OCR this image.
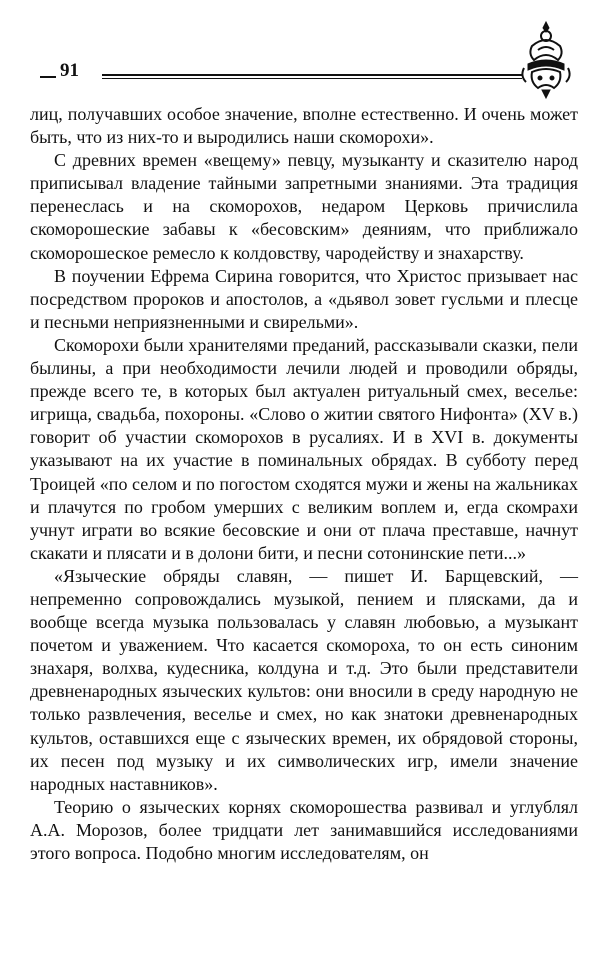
91

лиц, получавших особое значение, вполне естественно. И очень может быть, что из них-то и выродились наши скоморохи».

С древних времен «вещему» певцу, музыканту и сказителю народ приписывал владение тайными запретными знаниями. Эта традиция перенеслась и на скоморохов, недаром Церковь причислила скоморошеские забавы к «бесовским» деяниям, что приближало скоморошеское ремесло к колдовству, чародейству и знахарству.

В поучении Ефрема Сирина говорится, что Христос призывает нас посредством пророков и апостолов, а «дьявол зовет гусльми и плесце и песньми неприязненными и свирельми».

Скоморохи были хранителями преданий, рассказывали сказки, пели былины, а при необходимости лечили людей и проводили обряды, прежде всего те, в которых был актуален ритуальный смех, веселье: игрища, свадьба, похороны. «Слово о житии святого Нифонта» (XV в.) говорит об участии скоморохов в русалиях. И в XVI в. документы указывают на их участие в поминальных обрядах. В субботу перед Троицей «по селом и по погостом сходятся мужи и жены на жальниках и плачутся по гробом умерших с великим воплем и, егда скомрахи учнут играти во всякие бесовские и они от плача преставше, начнут скакати и плясати и в долони бити, и песни сотонинские пети...»

«Языческие обряды славян, — пишет И. Барщевский, — непременно сопровождались музыкой, пением и плясками, да и вообще всегда музыка пользовалась у славян любовью, а музыкант почетом и уважением. Что касается скомороха, то он есть синоним знахаря, волхва, кудесника, колдуна и т.д. Это были представители древненародных языческих культов: они вносили в среду народную не только развлечения, веселье и смех, но как знатоки древненародных культов, оставшихся еще с языческих времен, их обрядовой стороны, их песен под музыку и их символических игр, имели значение народных наставников».

Теорию о языческих корнях скоморошества развивал и углублял А.А. Морозов, более тридцати лет занимавшийся исследованиями этого вопроса. Подобно многим исследователям, он
